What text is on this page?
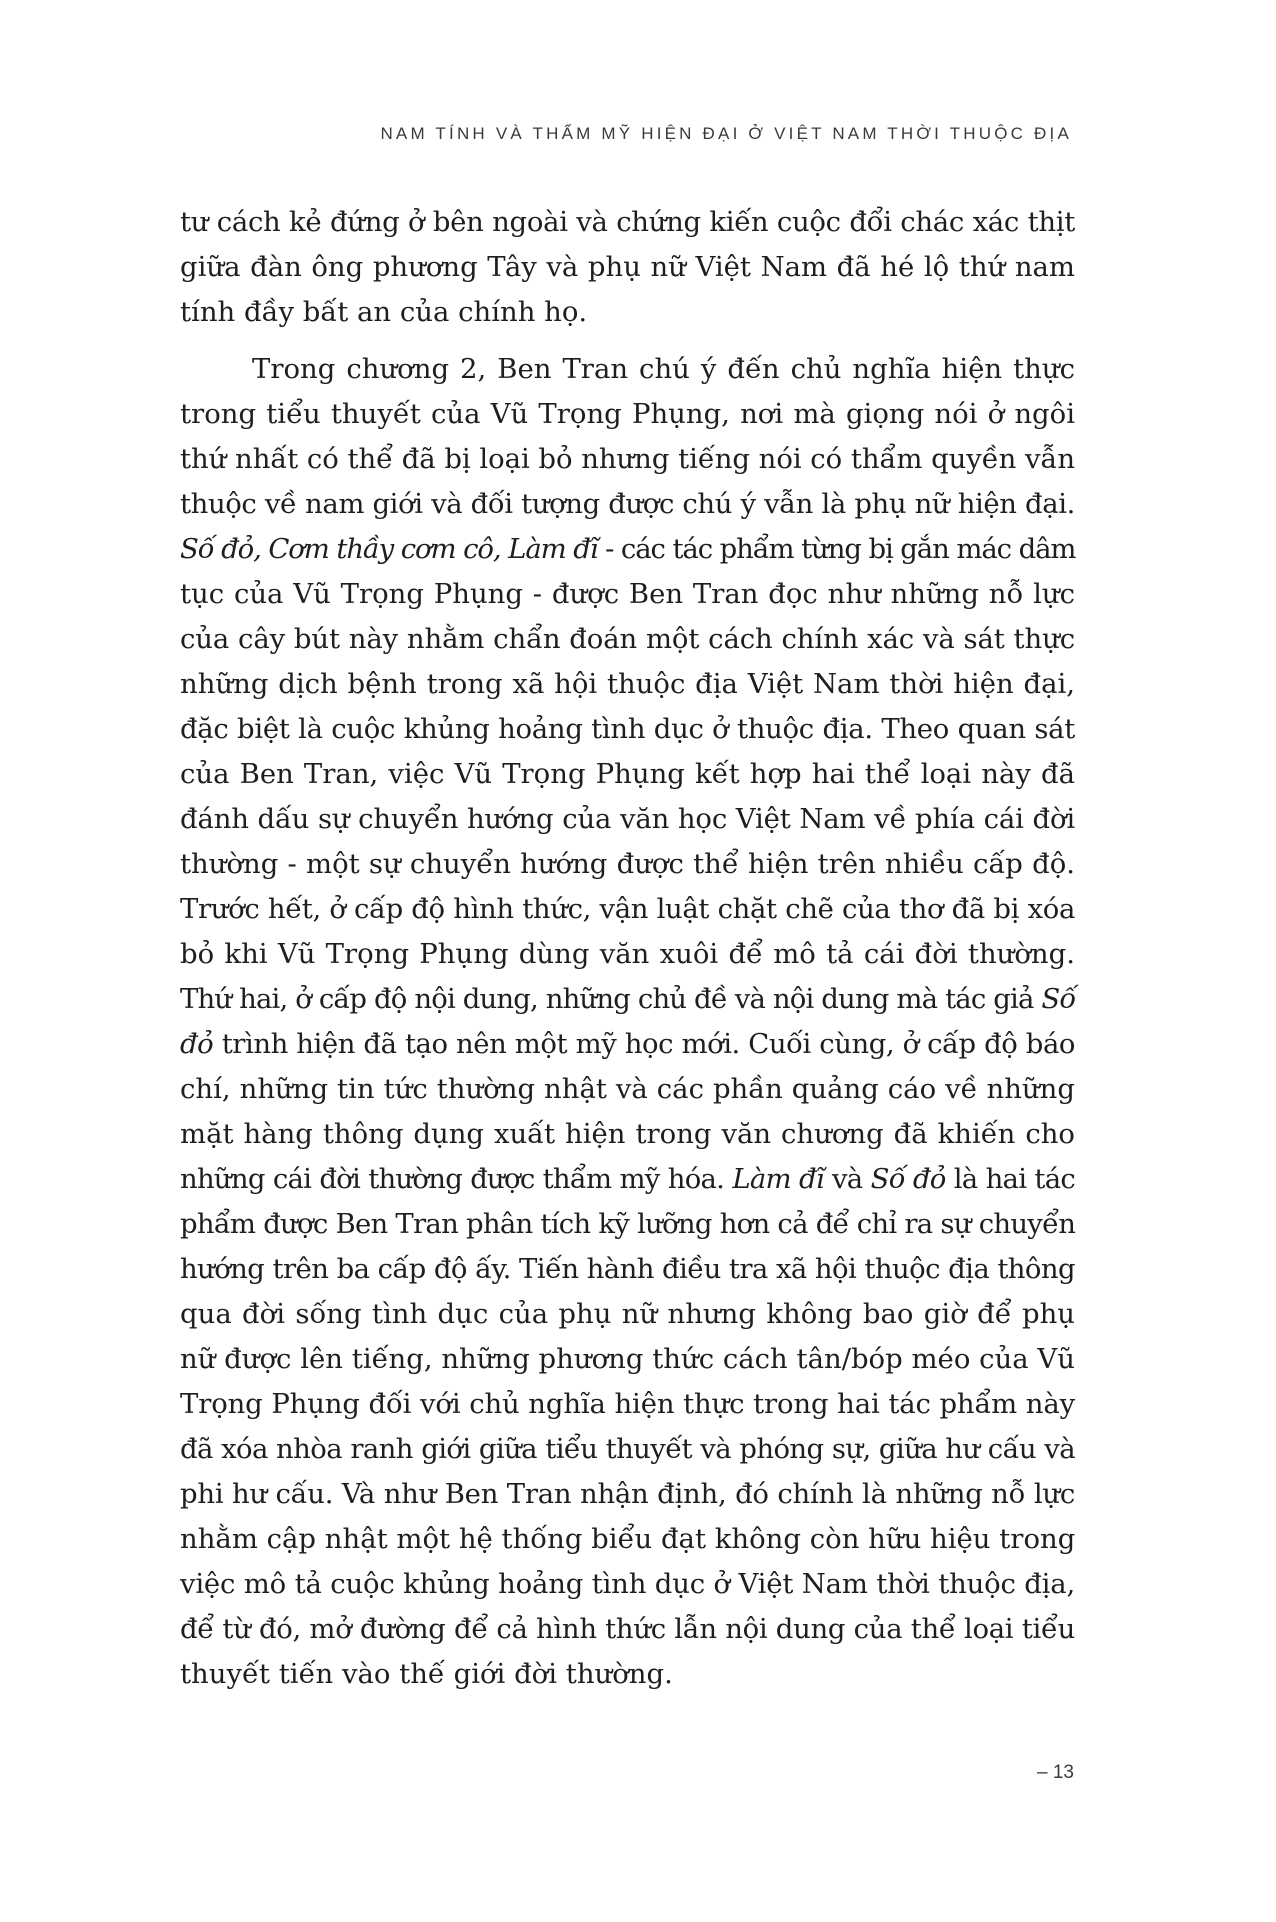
NAM TÍNH VÀ THẨM MỸ HIỆN ĐẠI Ở VIỆT NAM THỜI THUỘC ĐỊA

tư cách kẻ đứng ở bên ngoài và chứng kiến cuộc đổi chác xác thịt
giữa đàn ông phương Tây và phụ nữ Việt Nam đã hé lộ thứ nam
tính đầy bất an của chính họ.

Trong chương 2, Ben Tran chú ý đến chủ nghĩa hiện thực
trong tiểu thuyết của Vũ Trọng Phụng, nơi mà giọng nói ở ngôi
thứ nhất có thể đã bị loại bỏ nhưng tiếng nói có thẩm quyền vẫn
thuộc về nam giới và đối tượng được chú ý vẫn là phụ nữ hiện đại.
Số đỏ, Cơm thầy cơm cô, Làm đĩ - các tác phẩm từng bị gắn mác dâm
tục của Vũ Trọng Phụng - được Ben Tran đọc như những nỗ lực
của cây bút này nhằm chẩn đoán một cách chính xác và sát thực
những dịch bệnh trong xã hội thuộc địa Việt Nam thời hiện đại,
đặc biệt là cuộc khủng hoảng tình dục ở thuộc địa. Theo quan sát
của Ben Tran, việc Vũ Trọng Phụng kết hợp hai thể loại này đã
đánh dấu sự chuyển hướng của văn học Việt Nam về phía cái đời
thường - một sự chuyển hướng được thể hiện trên nhiều cấp độ.
Trước hết, ở cấp độ hình thức, vận luật chặt chẽ của thơ đã bị xóa
bỏ khi Vũ Trọng Phụng dùng văn xuôi để mô tả cái đời thường.
Thứ hai, ở cấp độ nội dung, những chủ đề và nội dung mà tác giả Số
đỏ trình hiện đã tạo nên một mỹ học mới. Cuối cùng, ở cấp độ báo
chí, những tin tức thường nhật và các phần quảng cáo về những
mặt hàng thông dụng xuất hiện trong văn chương đã khiến cho
những cái đời thường được thẩm mỹ hóa. Làm đĩ và Số đỏ là hai tác
phẩm được Ben Tran phân tích kỹ lưỡng hơn cả để chỉ ra sự chuyển
hướng trên ba cấp độ ấy. Tiến hành điều tra xã hội thuộc địa thông
qua đời sống tình dục của phụ nữ nhưng không bao giờ để phụ
nữ được lên tiếng, những phương thức cách tân/bóp méo của Vũ
Trọng Phụng đối với chủ nghĩa hiện thực trong hai tác phẩm này
đã xóa nhòa ranh giới giữa tiểu thuyết và phóng sự, giữa hư cấu và
phi hư cấu. Và như Ben Tran nhận định, đó chính là những nỗ lực
nhằm cập nhật một hệ thống biểu đạt không còn hữu hiệu trong
việc mô tả cuộc khủng hoảng tình dục ở Việt Nam thời thuộc địa,
để từ đó, mở đường để cả hình thức lẫn nội dung của thể loại tiểu
thuyết tiến vào thế giới đời thường.

– 13
